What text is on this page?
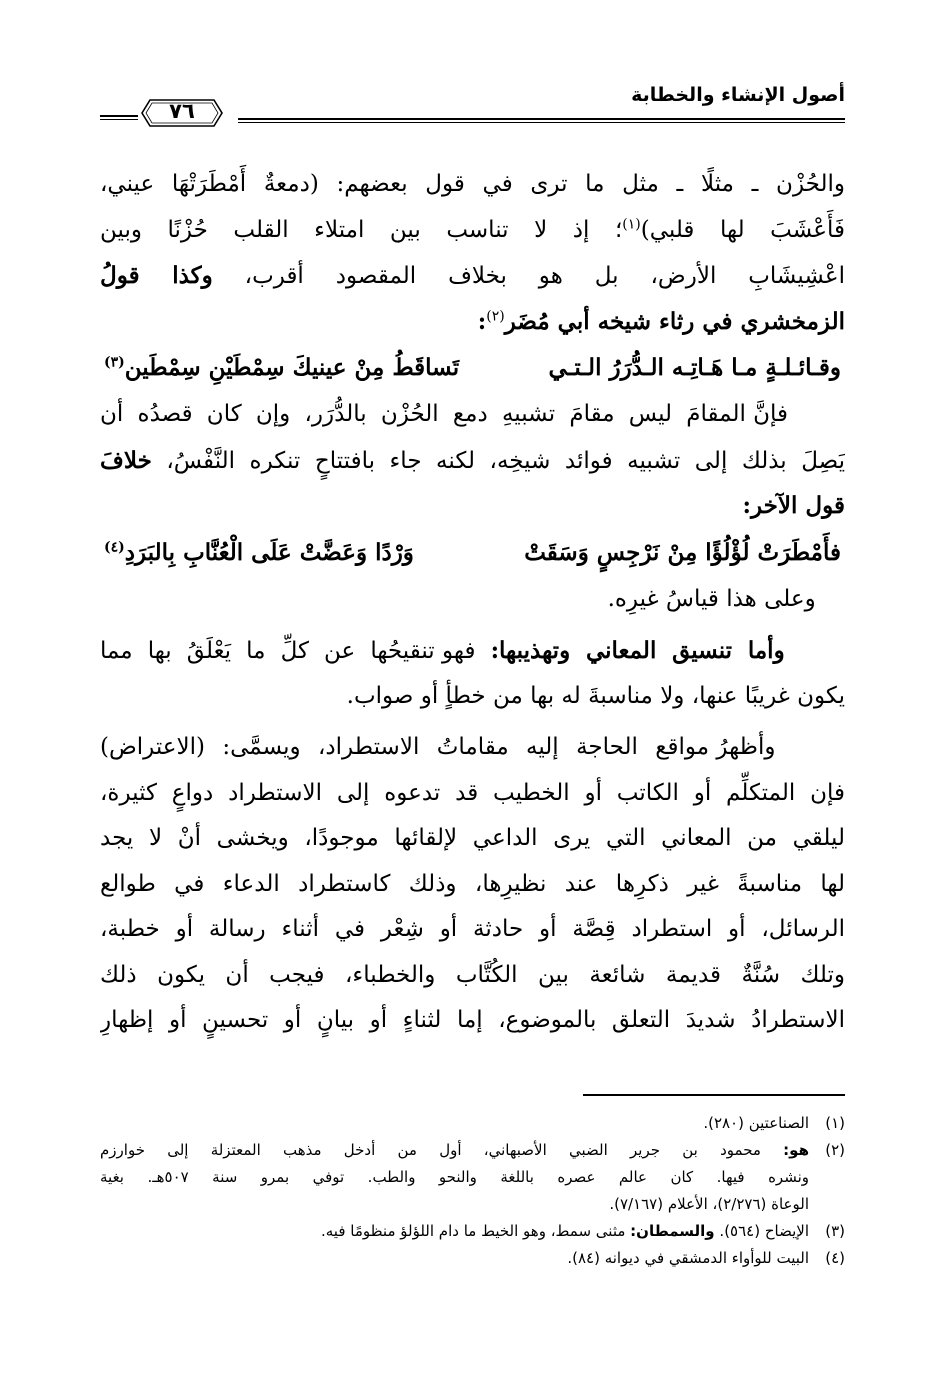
أصول الإنشاء والخطابة
٧٦
والحُزْن ـ مثلًا ـ مثل ما ترى في قول بعضهم: (دمعةٌ أَمْطَرَتْهَا عيني،
فَأَعْشَبَ لها قلبي)$^{(١)}$؛ إذ لا تناسب بين امتلاء القلب حُزْنًا وبين
اعْشِيشَابِ الأرض، بل هو بخلاف المقصود أقرب، وكذا قولُ
الزمخشري في رثاء شيخه أبي مُضَر$^{(٢)}$:
وقـائـلـةٍ مـا هَـاتِـه الـدُّرَرُ الـتـي
تَساقَطُ مِنْ عينيكَ سِمْطَيْنِ سِمْطَين$^{(٣)}$
فإنَّ المقامَ ليس مقامَ تشبيهِ دمع الحُزْن بالدُّرَر، وإن كان قصدُه أن
يَصِلَ بذلك إلى تشبيه فوائد شيخِه، لكنه جاء بافتتاحٍ تنكره النَّفْسُ، خلافَ
قول الآخر:
فأَمْطَرَتْ لُؤْلُؤًا مِنْ نَرْجِسٍ وَسَقَتْ
وَرْدًا وَعَضَّتْ عَلَى الْعُنَّابِ بِالبَرَدِ$^{(٤)}$
وعلى هذا قياسُ غيرِه.
وأما تنسيق المعاني وتهذيبها: فهو تنقيحُها عن كلِّ ما يَعْلَقُ بها مما
يكون غريبًا عنها، ولا مناسبةَ له بها من خطأٍ أو صواب.
وأظهرُ مواقع الحاجة إليه مقاماتُ الاستطراد، ويسمَّى: (الاعتراض)
فإن المتكلِّم أو الكاتب أو الخطيب قد تدعوه إلى الاستطراد دواعٍ كثيرة،
ليلقي من المعاني التي يرى الداعي لإلقائها موجودًا، ويخشى أنْ لا يجد
لها مناسبةً غير ذكرِها عند نظيرِها، وذلك كاستطراد الدعاء في طوالع
الرسائل، أو استطراد قِصَّة أو حادثة أو شِعْر في أثناء رسالة أو خطبة،
وتلك سُنَّةٌ قديمة شائعة بين الكُتَّاب والخطباء، فيجب أن يكون ذلك
الاستطرادُ شديدَ التعلق بالموضوع، إما لثناءٍ أو بيانٍ أو تحسينٍ أو إظهارِ
(١)
الصناعتين (٢٨٠).
(٢)
هو: محمود بن جرير الضبي الأصبهاني، أول من أدخل مذهب المعتزلة إلى خوارزم
ونشره فيها. كان عالم عصره باللغة والنحو والطب. توفي بمرو سنة ٥٠٧هـ. بغية
الوعاة (٢/٢٧٦)، الأعلام (٧/١٦٧).
(٣)
الإيضاح (٥٦٤). والسمطان: مثنى سمط، وهو الخيط ما دام اللؤلؤ منظومًا فيه.
(٤)
البيت للوأواء الدمشقي في ديوانه (٨٤).
